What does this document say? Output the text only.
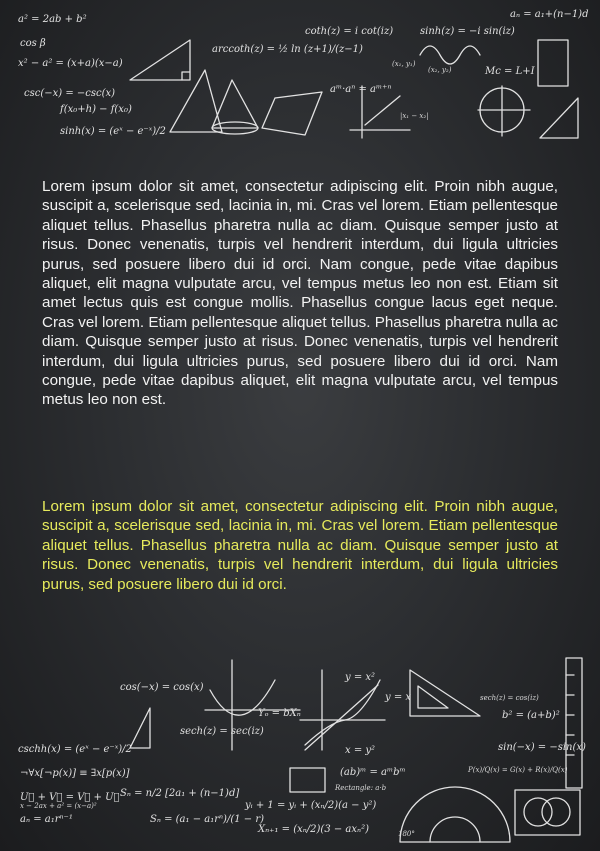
a² = 2ab + b²
cos β
x² − a² = (x+a)(x−a)
arccoth(z) = ½ ln (z+1)/(z−1)
coth(z) = i cot(iz)	sinh(z) = −i sin(iz)
aₙ = a₁+(n−1)d
sinh(x) = (eˣ − e⁻ˣ)/2
csc(−x) = −csc(x)
f(x₀+h) − f(x₀)
Mc = L+I
aᵐ·aⁿ = aᵐ⁺ⁿ
(x₁, y₁)
(x₂, y₂)
|x₁ − x₂|

Lorem ipsum dolor sit amet, consectetur adipiscing elit. Proin nibh augue, suscipit a, scelerisque sed, lacinia in, mi. Cras vel lorem. Etiam pellentesque aliquet tellus. Phasellus pharetra nulla ac diam. Quisque semper justo at risus. Donec venenatis, turpis vel hendrerit interdum, dui ligula ultricies purus, sed posuere libero dui id orci. Nam congue, pede vitae dapibus aliquet, elit magna vulputate arcu, vel tempus metus leo non est. Etiam sit amet lectus quis est congue mollis. Phasellus congue lacus eget neque. Cras vel lorem. Etiam pellentesque aliquet tellus. Phasellus pharetra nulla ac diam. Quisque semper justo at risus. Donec venenatis, turpis vel hendrerit interdum, dui ligula ultricies purus, sed posuere libero dui id orci. Nam congue, pede vitae dapibus aliquet, elit magna vulputate arcu, vel tempus metus leo non est.

Lorem ipsum dolor sit amet, consectetur adipiscing elit. Proin nibh augue, suscipit a, scelerisque sed, lacinia in, mi. Cras vel lorem. Etiam pellentesque aliquet tellus. Phasellus pharetra nulla ac diam. Quisque semper justo at risus. Donec venenatis, turpis vel hendrerit interdum, dui ligula ultricies purus, sed posuere libero dui id orci.

cos(−x) = cos(x)
Yₒ = bXₙ
y = x²
y = x
cschh(x) = (eˣ − e⁻ˣ)/2
sech(z) = sec(iz)
x = y²
¬∀x[¬p(x)] ≡ ∃x[p(x)]	(ab)ᵐ = aᵐbᵐ
Rectangle: a·b
sin(−x) = −sin(x)
Sₙ = n/2 [2a₁ + (n−1)d]
yᵢ + 1 = yᵢ + (xₙ/2)(a − y²)
Xₙ₊₁ = (xₙ/2)(3 − axₙ²)
U⃗ + V⃗ = V⃗ + U⃗
aₙ = a₁rⁿ⁻¹	Sₙ = (a₁ − a₁rⁿ)/(1 − r)
x − 2ax + a² = (x−a)²
sech(z) = cos(iz)
b² = (a+b)²
P(x)/Q(x) = G(x) + R(x)/Q(x)
180°
